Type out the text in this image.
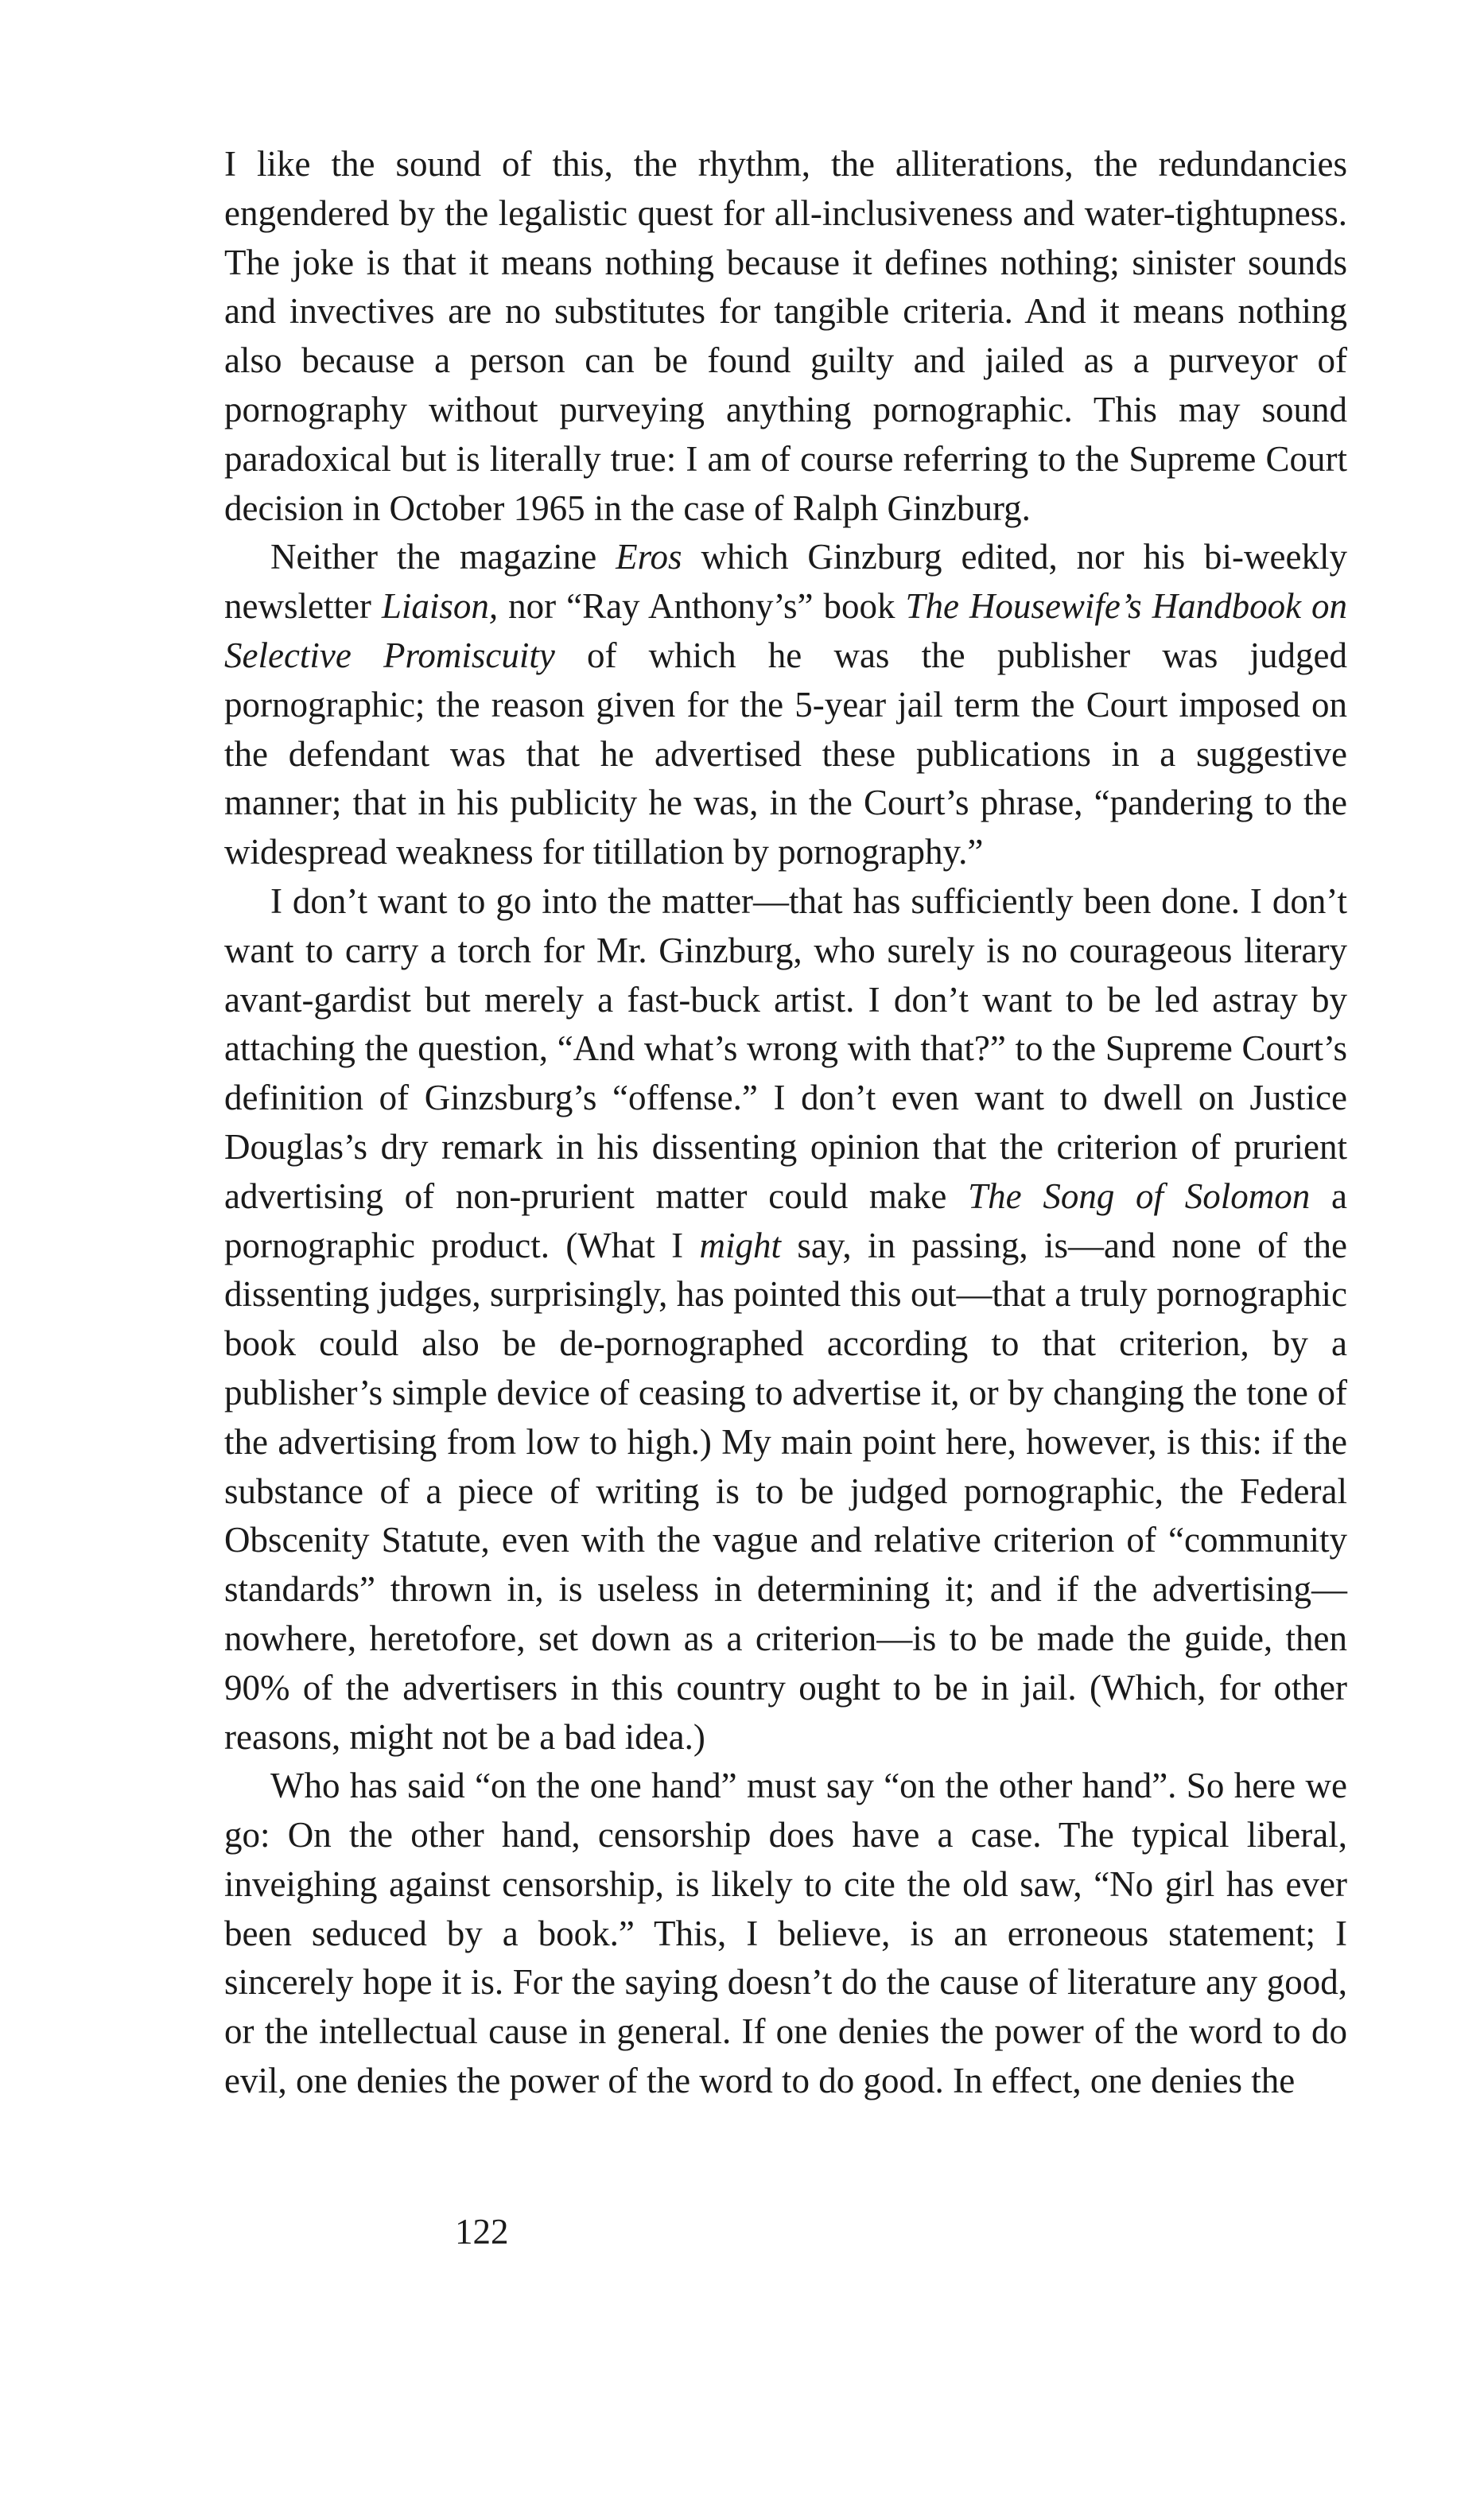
I like the sound of this, the rhythm, the alliterations, the redundancies engendered by the legalistic quest for all-inclusiveness and water-tightupness. The joke is that it means nothing because it defines nothing; sinister sounds and invectives are no substitutes for tangible criteria. And it means nothing also because a person can be found guilty and jailed as a purveyor of pornography without purveying anything pornographic. This may sound paradoxical but is literally true: I am of course referring to the Supreme Court decision in October 1965 in the case of Ralph Ginzburg.

Neither the magazine Eros which Ginzburg edited, nor his bi-weekly newsletter Liaison, nor “Ray Anthony’s” book The Housewife’s Handbook on Selective Promiscuity of which he was the publisher was judged pornographic; the reason given for the 5-year jail term the Court imposed on the defendant was that he advertised these publications in a suggestive manner; that in his publicity he was, in the Court’s phrase, “pandering to the widespread weakness for titillation by pornography.”

I don’t want to go into the matter—that has sufficiently been done. I don’t want to carry a torch for Mr. Ginzburg, who surely is no courageous literary avant-gardist but merely a fast-buck artist. I don’t want to be led astray by attaching the question, “And what’s wrong with that?” to the Supreme Court’s definition of Ginzsburg’s “offense.” I don’t even want to dwell on Justice Douglas’s dry remark in his dissenting opinion that the criterion of prurient advertising of non-prurient matter could make The Song of Solomon a pornographic product. (What I might say, in passing, is—and none of the dissenting judges, surprisingly, has pointed this out—that a truly pornographic book could also be de-pornographed according to that criterion, by a publisher’s simple device of ceasing to advertise it, or by changing the tone of the advertising from low to high.) My main point here, however, is this: if the substance of a piece of writing is to be judged pornographic, the Federal Obscenity Statute, even with the vague and relative criterion of “community standards” thrown in, is useless in determining it; and if the advertising—nowhere, heretofore, set down as a criterion—is to be made the guide, then 90% of the advertisers in this country ought to be in jail. (Which, for other reasons, might not be a bad idea.)

Who has said “on the one hand” must say “on the other hand”. So here we go: On the other hand, censorship does have a case. The typical liberal, inveighing against censorship, is likely to cite the old saw, “No girl has ever been seduced by a book.” This, I believe, is an erroneous statement; I sincerely hope it is. For the saying doesn’t do the cause of literature any good, or the intellectual cause in general. If one denies the power of the word to do evil, one denies the power of the word to do good. In effect, one denies the

122
